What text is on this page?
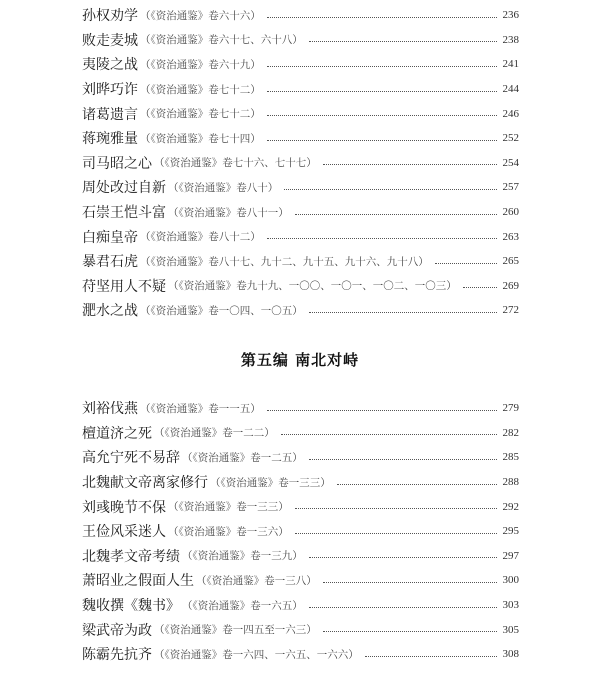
孙权劝学 （《资治通鉴》卷六十六）	236
败走麦城 （《资治通鉴》卷六十七、六十八）	238
夷陵之战 （《资治通鉴》卷六十九）	241
刘晔巧诈 （《资治通鉴》卷七十二）	244
诸葛遗言 （《资治通鉴》卷七十二）	246
蒋琬雅量 （《资治通鉴》卷七十四）	252
司马昭之心 （《资治通鉴》卷七十六、七十七）	254
周处改过自新 （《资治通鉴》卷八十）	257
石崇王恺斗富 （《资治通鉴》卷八十一）	260
白痴皇帝 （《资治通鉴》卷八十二）	263
暴君石虎 （《资治通鉴》卷八十七、九十二、九十五、九十六、九十八）	265
苻坚用人不疑 （《资治通鉴》卷九十九、一〇〇、一〇一、一〇二、一〇三）	269
淝水之战 （《资治通鉴》卷一〇四、一〇五）	272
第五编 南北对峙
刘裕伐燕 （《资治通鉴》卷一一五）	279
檀道济之死 （《资治通鉴》卷一二二）	282
高允宁死不易辞 （《资治通鉴》卷一二五）	285
北魏献文帝离家修行 （《资治通鉴》卷一三三）	288
刘彧晚节不保 （《资治通鉴》卷一三三）	292
王俭风采迷人 （《资治通鉴》卷一三六）	295
北魏孝文帝考绩 （《资治通鉴》卷一三九）	297
萧昭业之假面人生 （《资治通鉴》卷一三八）	300
魏收撰《魏书》 （《资治通鉴》卷一六五）	303
梁武帝为政 （《资治通鉴》卷一四五至一六三）	305
陈霸先抗齐 （《资治通鉴》卷一六四、一六五、一六六）	308
